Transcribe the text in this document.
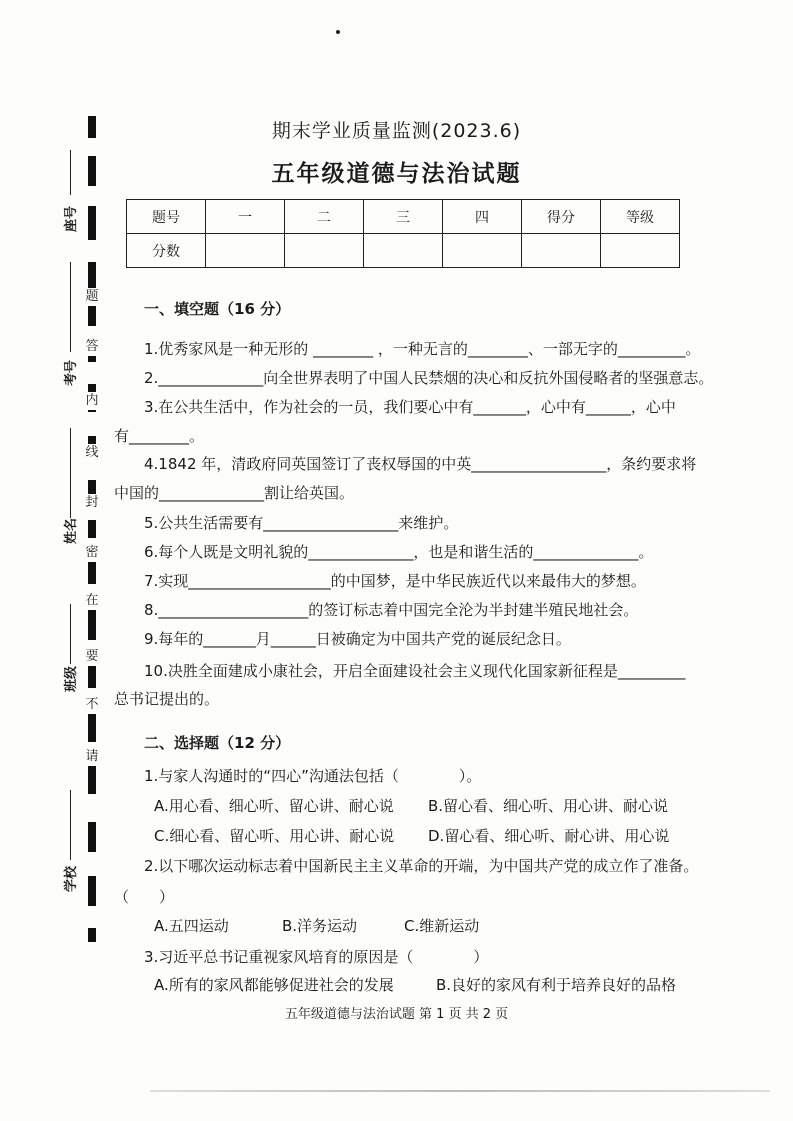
题
答
内
线
封
密
在
要
不
请
座号
考号
姓名
班级
学校
期末学业质量监测(2023.6)
五年级道德与法治试题
题号	一	二	三	四	得分	等级
分数						
一、填空题（16 分）
1.优秀家风是一种无形的 ________ ，一种无言的________、一部无字的_________。
2.______________向全世界表明了中国人民禁烟的决心和反抗外国侵略者的坚强意志。
3.在公共生活中，作为社会的一员，我们要心中有_______，心中有______，心中
有________。
4.1842 年，清政府同英国签订了丧权辱国的中英__________________，条约要求将
中国的______________割让给英国。
5.公共生活需要有__________________来维护。
6.每个人既是文明礼貌的______________，也是和谐生活的______________。
7.实现___________________的中国梦，是中华民族近代以来最伟大的梦想。
8.____________________的签订标志着中国完全沦为半封建半殖民地社会。
9.每年的_______月______日被确定为中国共产党的诞辰纪念日。
10.决胜全面建成小康社会，开启全面建设社会主义现代化国家新征程是_________
总书记提出的。
二、选择题（12 分）
1.与家人沟通时的“四心”沟通法包括（　　　　）。
A.用心看、细心听、留心讲、耐心说 B.留心看、细心听、用心讲、耐心说
C.细心看、留心听、用心讲、耐心说 D.留心看、细心听、耐心讲、用心说
2.以下哪次运动标志着中国新民主主义革命的开端，为中国共产党的成立作了准备。
（　　）
A.五四运动	B.洋务运动	C.维新运动
3.习近平总书记重视家风培育的原因是（　　　　）
A.所有的家风都能够促进社会的发展	B.良好的家风有利于培养良好的品格
五年级道德与法治试题 第 1 页 共 2 页
